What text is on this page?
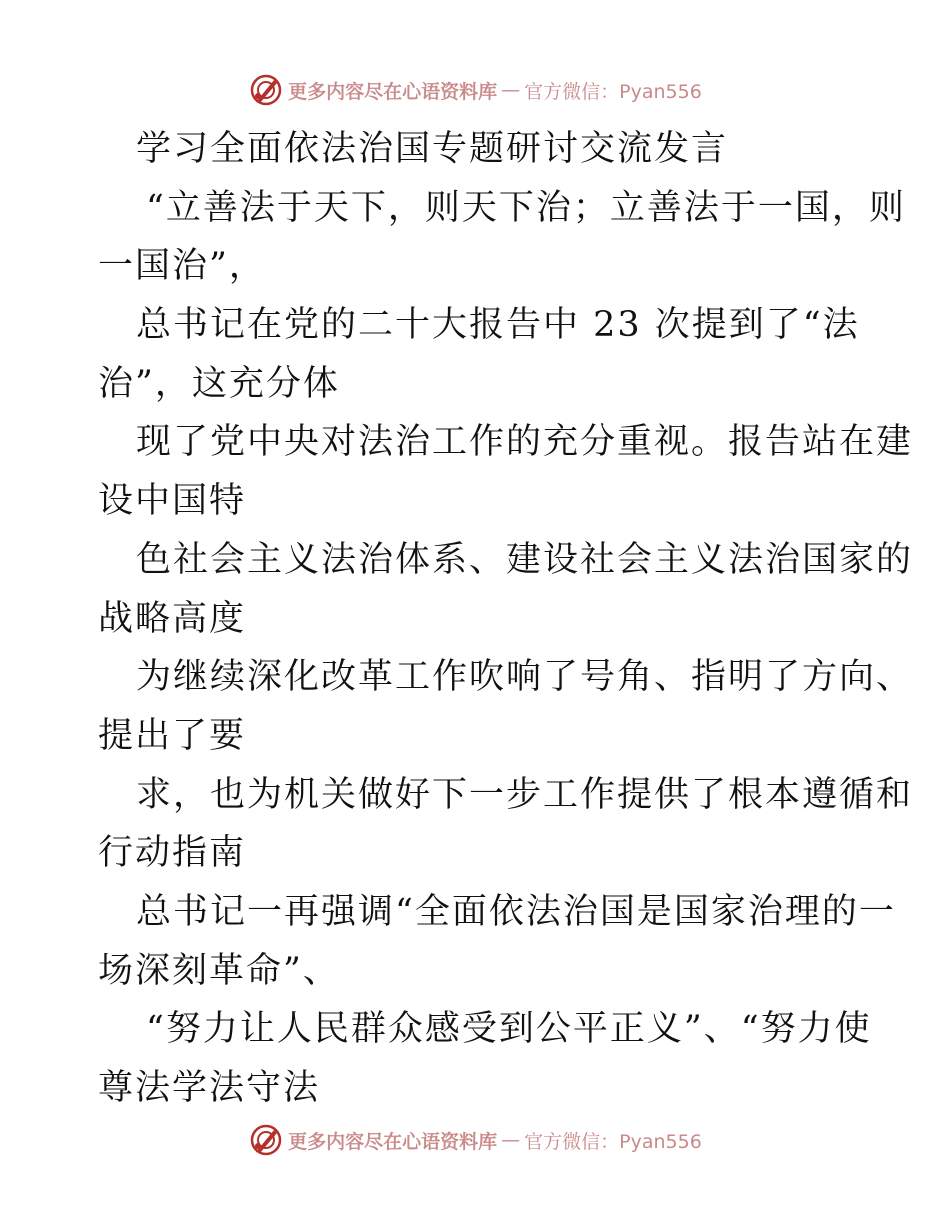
更多内容尽在心语资料库 — 官方微信：Pyan556
学习全面依法治国专题研讨交流发言
“立善法于天下，则天下治；立善法于一国，则
一国治”，
总书记在党的二十大报告中 23 次提到了“法
治”，这充分体
现了党中央对法治工作的充分重视。报告站在建
设中国特
色社会主义法治体系、建设社会主义法治国家的
战略高度
为继续深化改革工作吹响了号角、指明了方向、
提出了要
求，也为机关做好下一步工作提供了根本遵循和
行动指南
总书记一再强调“全面依法治国是国家治理的一
场深刻革命”、
“努力让人民群众感受到公平正义”、“努力使
尊法学法守法
更多内容尽在心语资料库 — 官方微信：Pyan556
